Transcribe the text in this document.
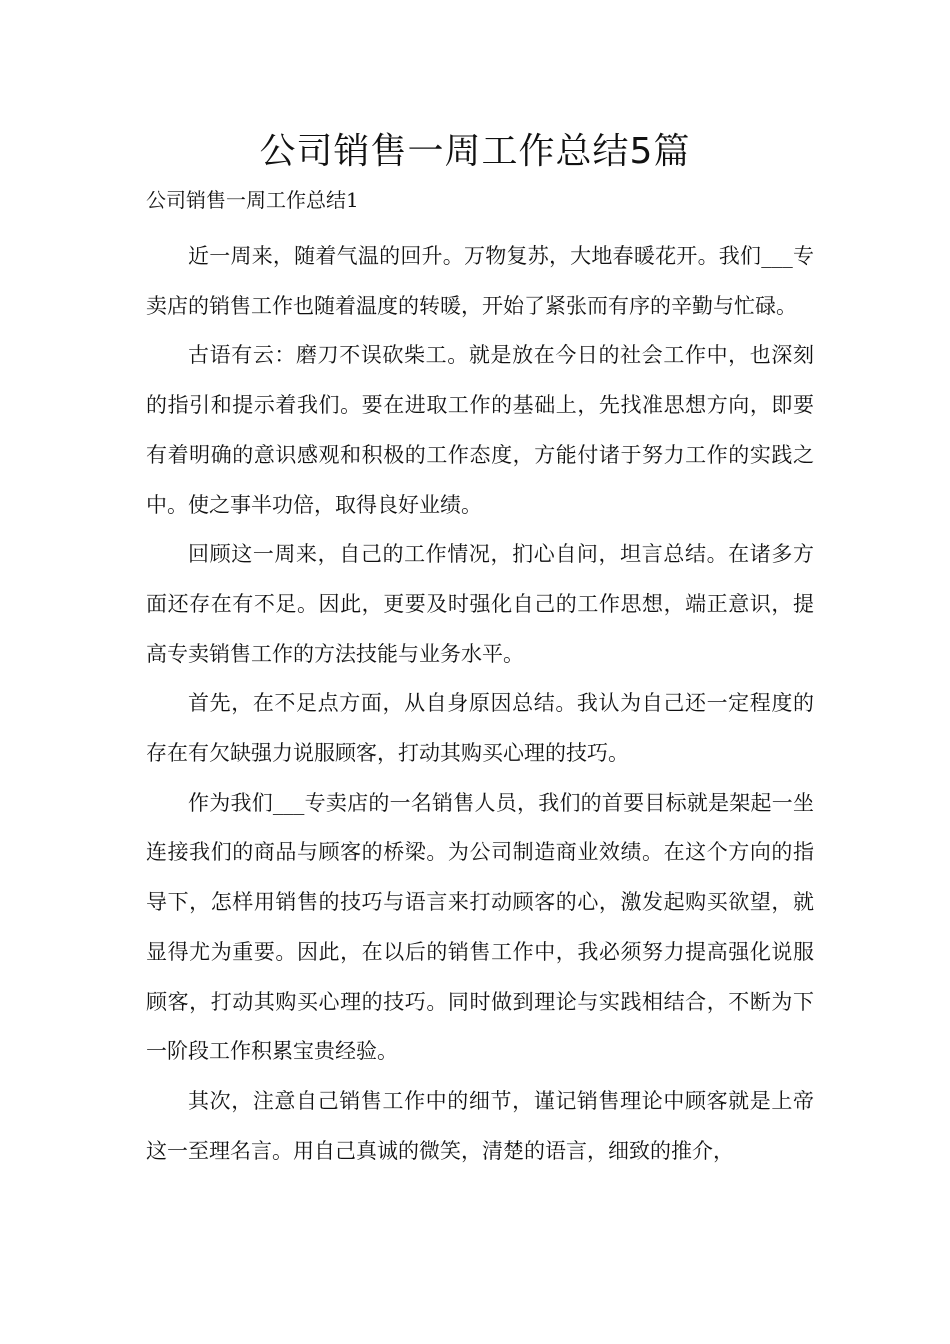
公司销售一周工作总结5篇

公司销售一周工作总结1

近一周来，随着气温的回升。万物复苏，大地春暖花开。我们___专卖店的销售工作也随着温度的转暖，开始了紧张而有序的辛勤与忙碌。

古语有云：磨刀不误砍柴工。就是放在今日的社会工作中，也深刻的指引和提示着我们。要在进取工作的基础上，先找准思想方向，即要有着明确的意识感观和积极的工作态度，方能付诸于努力工作的实践之中。使之事半功倍，取得良好业绩。

回顾这一周来，自己的工作情况，扪心自问，坦言总结。在诸多方面还存在有不足。因此，更要及时强化自己的工作思想，端正意识，提高专卖销售工作的方法技能与业务水平。

首先，在不足点方面，从自身原因总结。我认为自己还一定程度的存在有欠缺强力说服顾客，打动其购买心理的技巧。

作为我们___专卖店的一名销售人员，我们的首要目标就是架起一坐连接我们的商品与顾客的桥梁。为公司制造商业效绩。在这个方向的指导下，怎样用销售的技巧与语言来打动顾客的心，激发起购买欲望，就显得尤为重要。因此，在以后的销售工作中，我必须努力提高强化说服顾客，打动其购买心理的技巧。同时做到理论与实践相结合，不断为下一阶段工作积累宝贵经验。

其次，注意自己销售工作中的细节，谨记销售理论中顾客就是上帝这一至理名言。用自己真诚的微笑，清楚的语言，细致的推介，
